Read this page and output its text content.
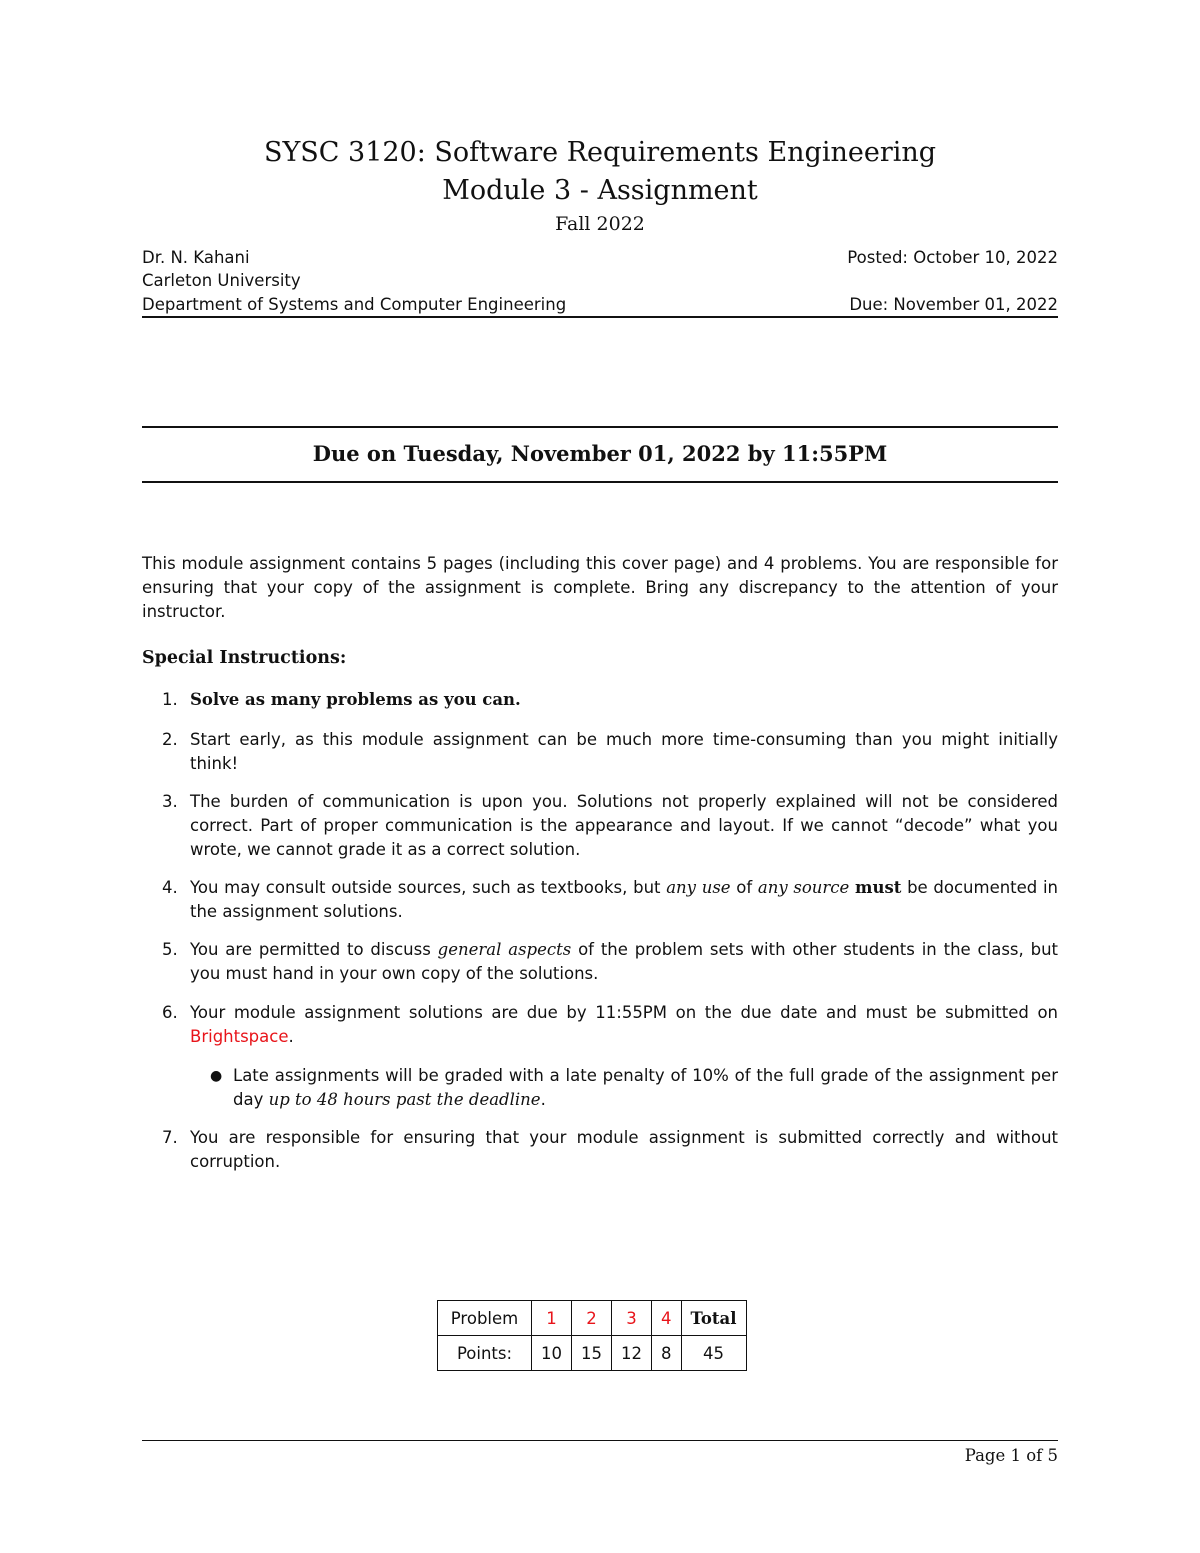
SYSC 3120: Software Requirements Engineering
Module 3 - Assignment
Fall 2022
Dr. N. Kahani	Posted: October 10, 2022
Carleton University
Department of Systems and Computer Engineering	Due: November 01, 2022
Due on Tuesday, November 01, 2022 by 11:55PM
This module assignment contains 5 pages (including this cover page) and 4 problems. You are responsible for ensuring that your copy of the assignment is complete. Bring any discrepancy to the attention of your instructor.
Special Instructions:
1. Solve as many problems as you can.
2. Start early, as this module assignment can be much more time-consuming than you might initially think!
3. The burden of communication is upon you. Solutions not properly explained will not be considered correct. Part of proper communication is the appearance and layout. If we cannot “decode” what you wrote, we cannot grade it as a correct solution.
4. You may consult outside sources, such as textbooks, but any use of any source must be documented in the assignment solutions.
5. You are permitted to discuss general aspects of the problem sets with other students in the class, but you must hand in your own copy of the solutions.
6. Your module assignment solutions are due by 11:55PM on the due date and must be submitted on Brightspace.
● Late assignments will be graded with a late penalty of 10% of the full grade of the assignment per day up to 48 hours past the deadline.
7. You are responsible for ensuring that your module assignment is submitted correctly and without corruption.
Problem	1	2	3	4	Total
Points:	10	15	12	8	45
Page 1 of 5
